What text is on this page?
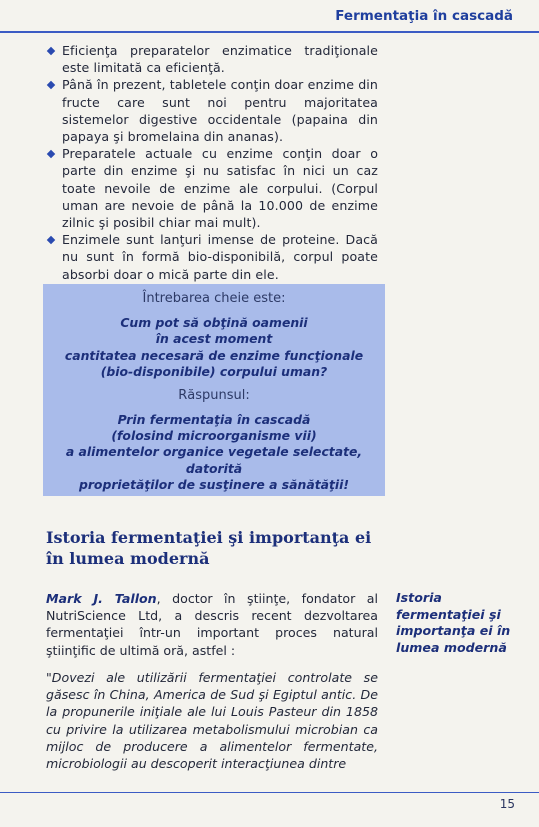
Fermentaţia în cascadă
Eficienţa preparatelor enzimatice tradiţionale este limitată ca eficienţă.
Până în prezent, tabletele conţin doar enzime din fructe care sunt noi pentru majoritatea sistemelor digestive occidentale (papaina din papaya şi bromelaina din ananas).
Preparatele actuale cu enzime conţin doar o parte din enzime şi nu satisfac în nici un caz toate nevoile de enzime ale corpului. (Corpul uman are nevoie de până la 10.000 de enzime zilnic şi posibil chiar mai mult).
Enzimele sunt lanţuri imense de proteine. Dacă nu sunt în formă bio-disponibilă, corpul poate absorbi doar o mică parte din ele.
Întrebarea cheie este:
Cum pot să obţină oamenii
în acest moment
cantitatea necesară de enzime funcţionale
(bio-disponibile) corpului uman?
Răspunsul:
Prin fermentaţia în cascadă
(folosind microorganisme vii)
a alimentelor organice vegetale selectate,
datorită
proprietăţilor de susţinere a sănătăţii!
Istoria fermentaţiei şi importanţa ei în lumea modernă
Mark J. Tallon, doctor în ştiinţe, fondator al NutriScience Ltd, a descris recent dezvoltarea fermentaţiei într-un important proces natural ştiinţific de ultimă oră, astfel :
"Dovezi ale utilizării fermentaţiei controlate se găsesc în China, America de Sud şi Egiptul antic. De la propunerile iniţiale ale lui Louis Pasteur din 1858 cu privire la utilizarea metabolismului microbian ca mijloc de producere a alimentelor fermentate, microbiologii au descoperit interacţiunea dintre
Istoria fermentaţiei şi importanţa ei în lumea modernă
15
